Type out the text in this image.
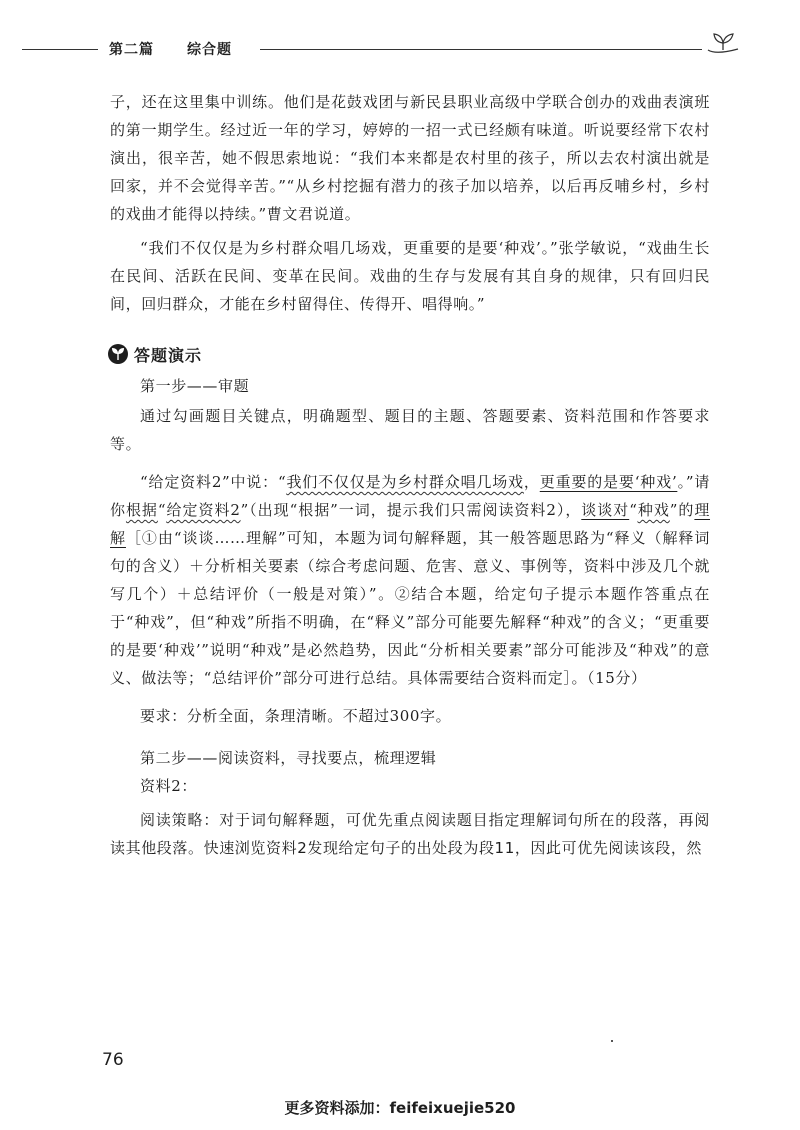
第二篇 综合题

子，还在这里集中训练。他们是花鼓戏团与新民县职业高级中学联合创办的戏曲表演班的第一期学生。经过近一年的学习，婷婷的一招一式已经颇有味道。听说要经常下农村演出，很辛苦，她不假思索地说：“我们本来都是农村里的孩子，所以去农村演出就是回家，并不会觉得辛苦。”“从乡村挖掘有潜力的孩子加以培养，以后再反哺乡村，乡村的戏曲才能得以持续。”曹文君说道。

“我们不仅仅是为乡村群众唱几场戏，更重要的是要‘种戏’。”张学敏说，“戏曲生长在民间、活跃在民间、变革在民间。戏曲的生存与发展有其自身的规律，只有回归民间，回归群众，才能在乡村留得住、传得开、唱得响。”

答题演示

第一步——审题

通过勾画题目关键点，明确题型、题目的主题、答题要素、资料范围和作答要求等。

“给定资料2”中说：“我们不仅仅是为乡村群众唱几场戏，更重要的是要‘种戏’。”请你根据“给定资料2”（出现“根据”一词，提示我们只需阅读资料2），谈谈对“种戏”的理解［①由“谈谈……理解”可知，本题为词句解释题，其一般答题思路为“释义（解释词句的含义）＋分析相关要素（综合考虑问题、危害、意义、事例等，资料中涉及几个就写几个）＋总结评价（一般是对策）”。②结合本题，给定句子提示本题作答重点在于“种戏”，但“种戏”所指不明确，在“释义”部分可能要先解释“种戏”的含义；“更重要的是要‘种戏’”说明“种戏”是必然趋势，因此“分析相关要素”部分可能涉及“种戏”的意义、做法等；“总结评价”部分可进行总结。具体需要结合资料而定］。（15分）

要求：分析全面，条理清晰。不超过300字。

第二步——阅读资料，寻找要点，梳理逻辑

资料2：

阅读策略：对于词句解释题，可优先重点阅读题目指定理解词句所在的段落，再阅读其他段落。快速浏览资料2发现给定句子的出处段为段11，因此可优先阅读该段，然

76
更多资料添加：feifeixuejie520
